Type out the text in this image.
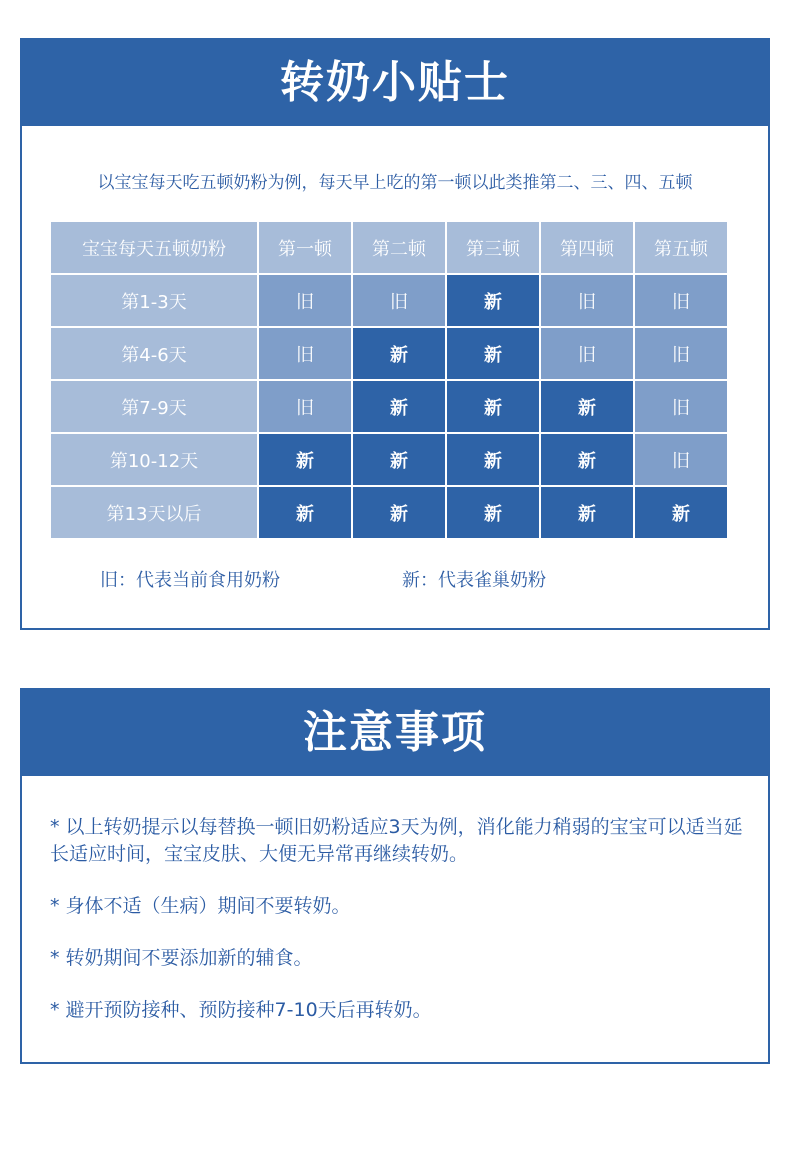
转奶小贴士
以宝宝每天吃五顿奶粉为例，每天早上吃的第一顿以此类推第二、三、四、五顿
宝宝每天五顿奶粉	第一顿	第二顿	第三顿	第四顿	第五顿
第1-3天	旧	旧	新	旧	旧
第4-6天	旧	新	新	旧	旧
第7-9天	旧	新	新	新	旧
第10-12天	新	新	新	新	旧
第13天以后	新	新	新	新	新
旧：代表当前食用奶粉	新：代表雀巢奶粉
注意事项

* 以上转奶提示以每替换一顿旧奶粉适应3天为例，消化能力稍弱的宝宝可以适当延长适应时间，宝宝皮肤、大便无异常再继续转奶。

* 身体不适（生病）期间不要转奶。

* 转奶期间不要添加新的辅食。

* 避开预防接种、预防接种7-10天后再转奶。
